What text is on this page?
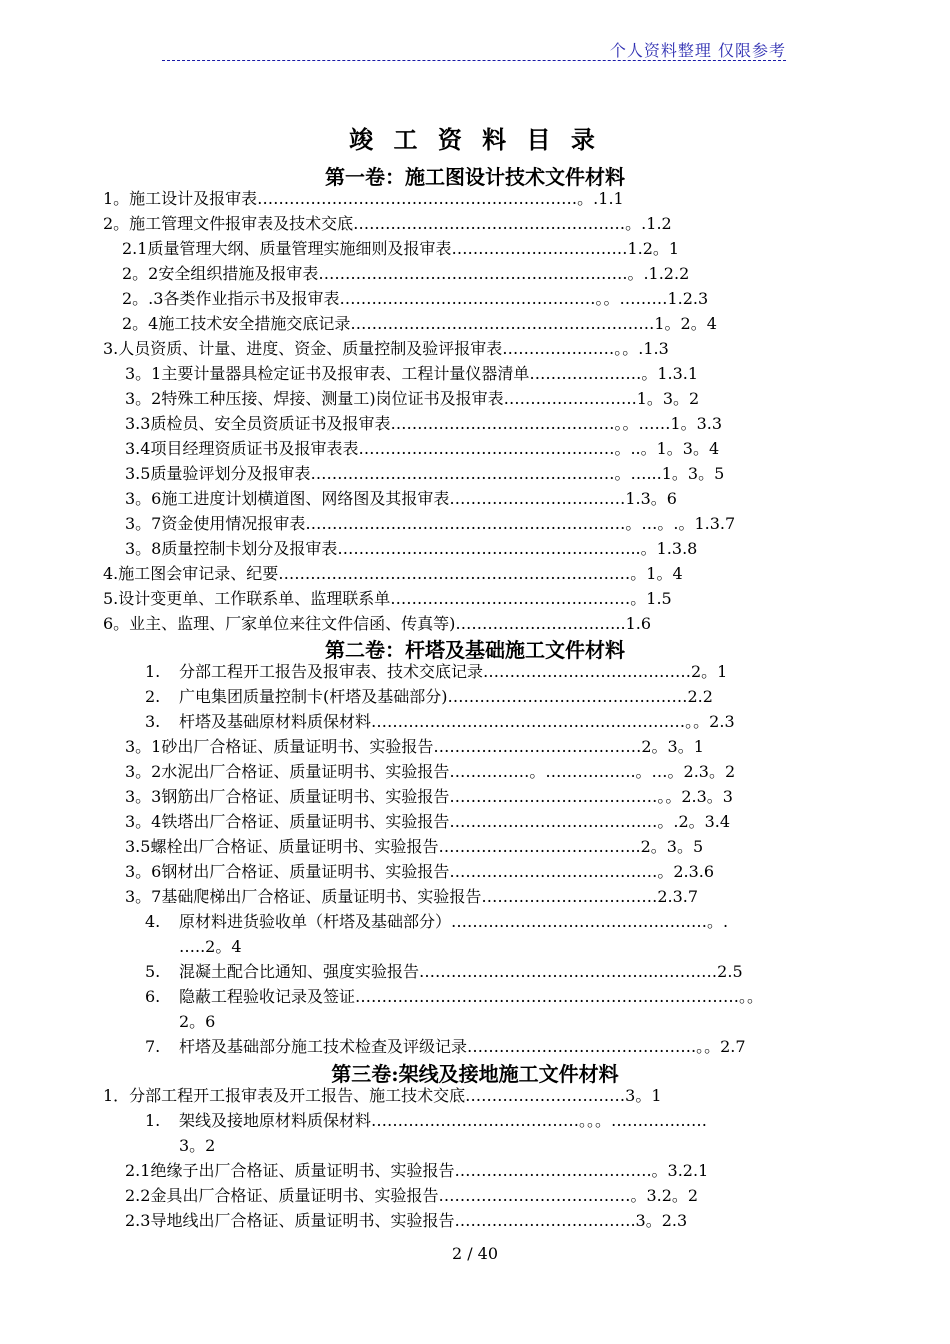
个人资料整理 仅限参考
竣 工 资 料 目 录
第一卷：施工图设计技术文件材料
1。施工设计及报审表……………………………………………………。.1.1
2。施工管理文件报审表及技术交底……………………………………………。.1.2
2.1质量管理大纲、质量管理实施细则及报审表……………………………1.2。1
2。2安全组织措施及报审表………………………………………………….。.1.2.2
2。.3各类作业指示书及报审表…………………………………………。。………1.2.3
2。4施工技术安全措施交底记录…………………………………………………1。2。4
3.人员资质、计量、进度、资金、质量控制及验评报审表…………………。。.1.3
3。1主要计量器具检定证书及报审表、工程计量仪器清单…………………。1.3.1
3。2特殊工种压接、焊接、测量工)岗位证书及报审表…………………….1。3。2
3.3质检员、安全员资质证书及报审表……………………………………。。……1。3.3
3.4项目经理资质证书及报审表表…………………………………………。..。1。3。4
3.5质量验评划分及报审表…………………………………………………。…...1。3。5
3。6施工进度计划横道图、网络图及其报审表……………………………1.3。6
3。7资金使用情况报审表……………………………………………………。…。.。1.3.7
3。8质量控制卡划分及报审表………………………………………………...。1.3.8
4.施工图会审记录、纪要…………………………………………………………。1。4
5.设计变更单、工作联系单、监理联系单………………………………………。1.5
6。业主、监理、厂家单位来往文件信函、传真等)…………………………..1.6
第二卷：杆塔及基础施工文件材料
1. 分部工程开工报告及报审表、技术交底记录…………………………………2。1
2. 广电集团质量控制卡(杆塔及基础部分)………………………………………2.2
3. 杆塔及基础原材料质保材料……………………………………..……………。。2.3
3。1砂出厂合格证、质量证明书、实验报告…………………………………2。3。1
3。2水泥出厂合格证、质量证明书、实验报告……………。……………..。…。2.3。2
3。3钢筋出厂合格证、质量证明书、实验报告…………………………………。。2.3。3
3。4铁塔出厂合格证、质量证明书、实验报告…………………………………。.2。3.4
3.5螺栓出厂合格证、质量证明书、实验报告………………………………..2。3。5
3。6钢材出厂合格证、质量证明书、实验报告…………………………………。2.3.6
3。7基础爬梯出厂合格证、质量证明书、实验报告……………………………2.3.7
4. 原材料进货验收单（杆塔及基础部分）…………………………………………。.
…..2。4
5. 混凝土配合比通知、强度实验报告……………………………………..…………2.5
6. 隐蔽工程验收记录及签证………………………………………………………………。。
2。6
7. 杆塔及基础部分施工技术检查及评级记录…………………………………….。。2.7
第三卷:架线及接地施工文件材料
1．分部工程开工报审表及开工报告、施工技术交底…………………………3。1
1. 架线及接地原材料质保材料…………………………………。。。………………
3。2
2.1绝缘子出厂合格证、质量证明书、实验报告……………………………….。3.2.1
2.2金具出厂合格证、质量证明书、实验报告………………………………。3.2。2
2.3导地线出厂合格证、质量证明书、实验报告…………………………….3。2.3
2 / 40
